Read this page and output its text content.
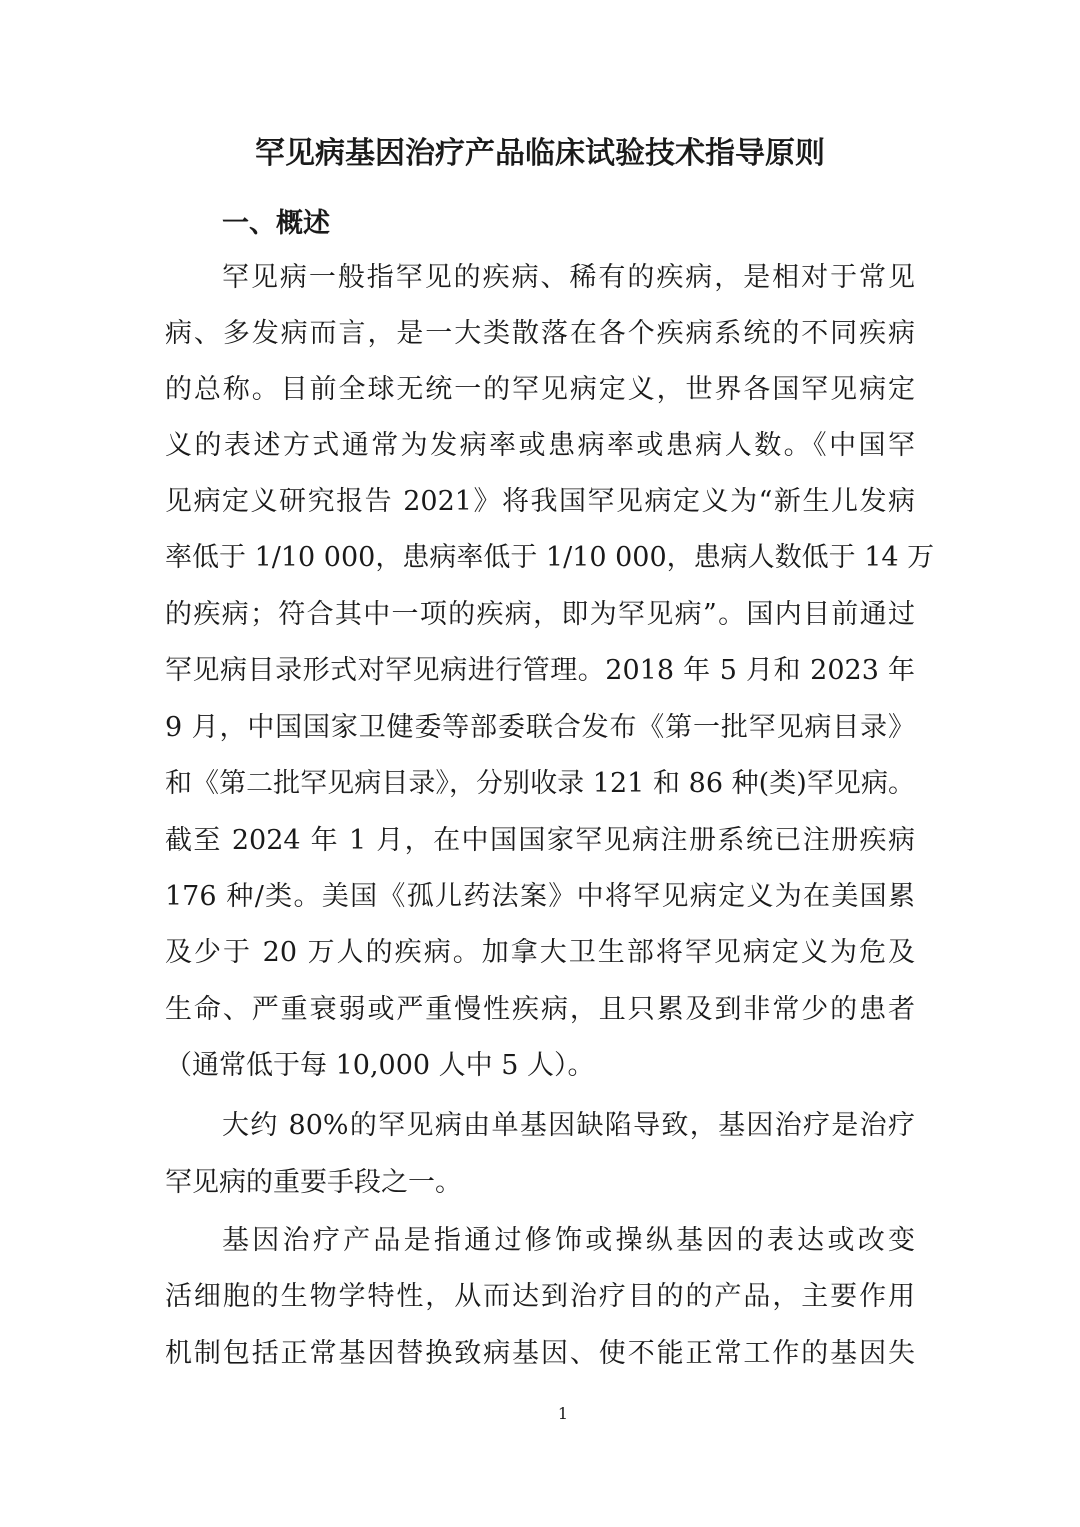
罕见病基因治疗产品临床试验技术指导原则
一、概述

罕见病一般指罕见的疾病、稀有的疾病，是相对于常见

病、多发病而言，是一大类散落在各个疾病系统的不同疾病

的总称。目前全球无统一的罕见病定义，世界各国罕见病定

义的表述方式通常为发病率或患病率或患病人数。《中国罕

见病定义研究报告 2021》将我国罕见病定义为“新生儿发病

率低于 1/10 000，患病率低于 1/10 000，患病人数低于 14 万

的疾病；符合其中一项的疾病，即为罕见病”。国内目前通过

罕见病目录形式对罕见病进行管理。2018 年 5 月和 2023 年

9 月，中国国家卫健委等部委联合发布《第一批罕见病目录》

和《第二批罕见病目录》，分别收录 121 和 86 种(类)罕见病。

截至 2024 年 1 月，在中国国家罕见病注册系统已注册疾病

176 种/类。美国《孤儿药法案》中将罕见病定义为在美国累

及少于 20 万人的疾病。加拿大卫生部将罕见病定义为危及

生命、严重衰弱或严重慢性疾病，且只累及到非常少的患者

（通常低于每 10,000 人中 5 人）。

大约 80%的罕见病由单基因缺陷导致，基因治疗是治疗

罕见病的重要手段之一。

基因治疗产品是指通过修饰或操纵基因的表达或改变

活细胞的生物学特性，从而达到治疗目的的产品，主要作用

机制包括正常基因替换致病基因、使不能正常工作的基因失

1
